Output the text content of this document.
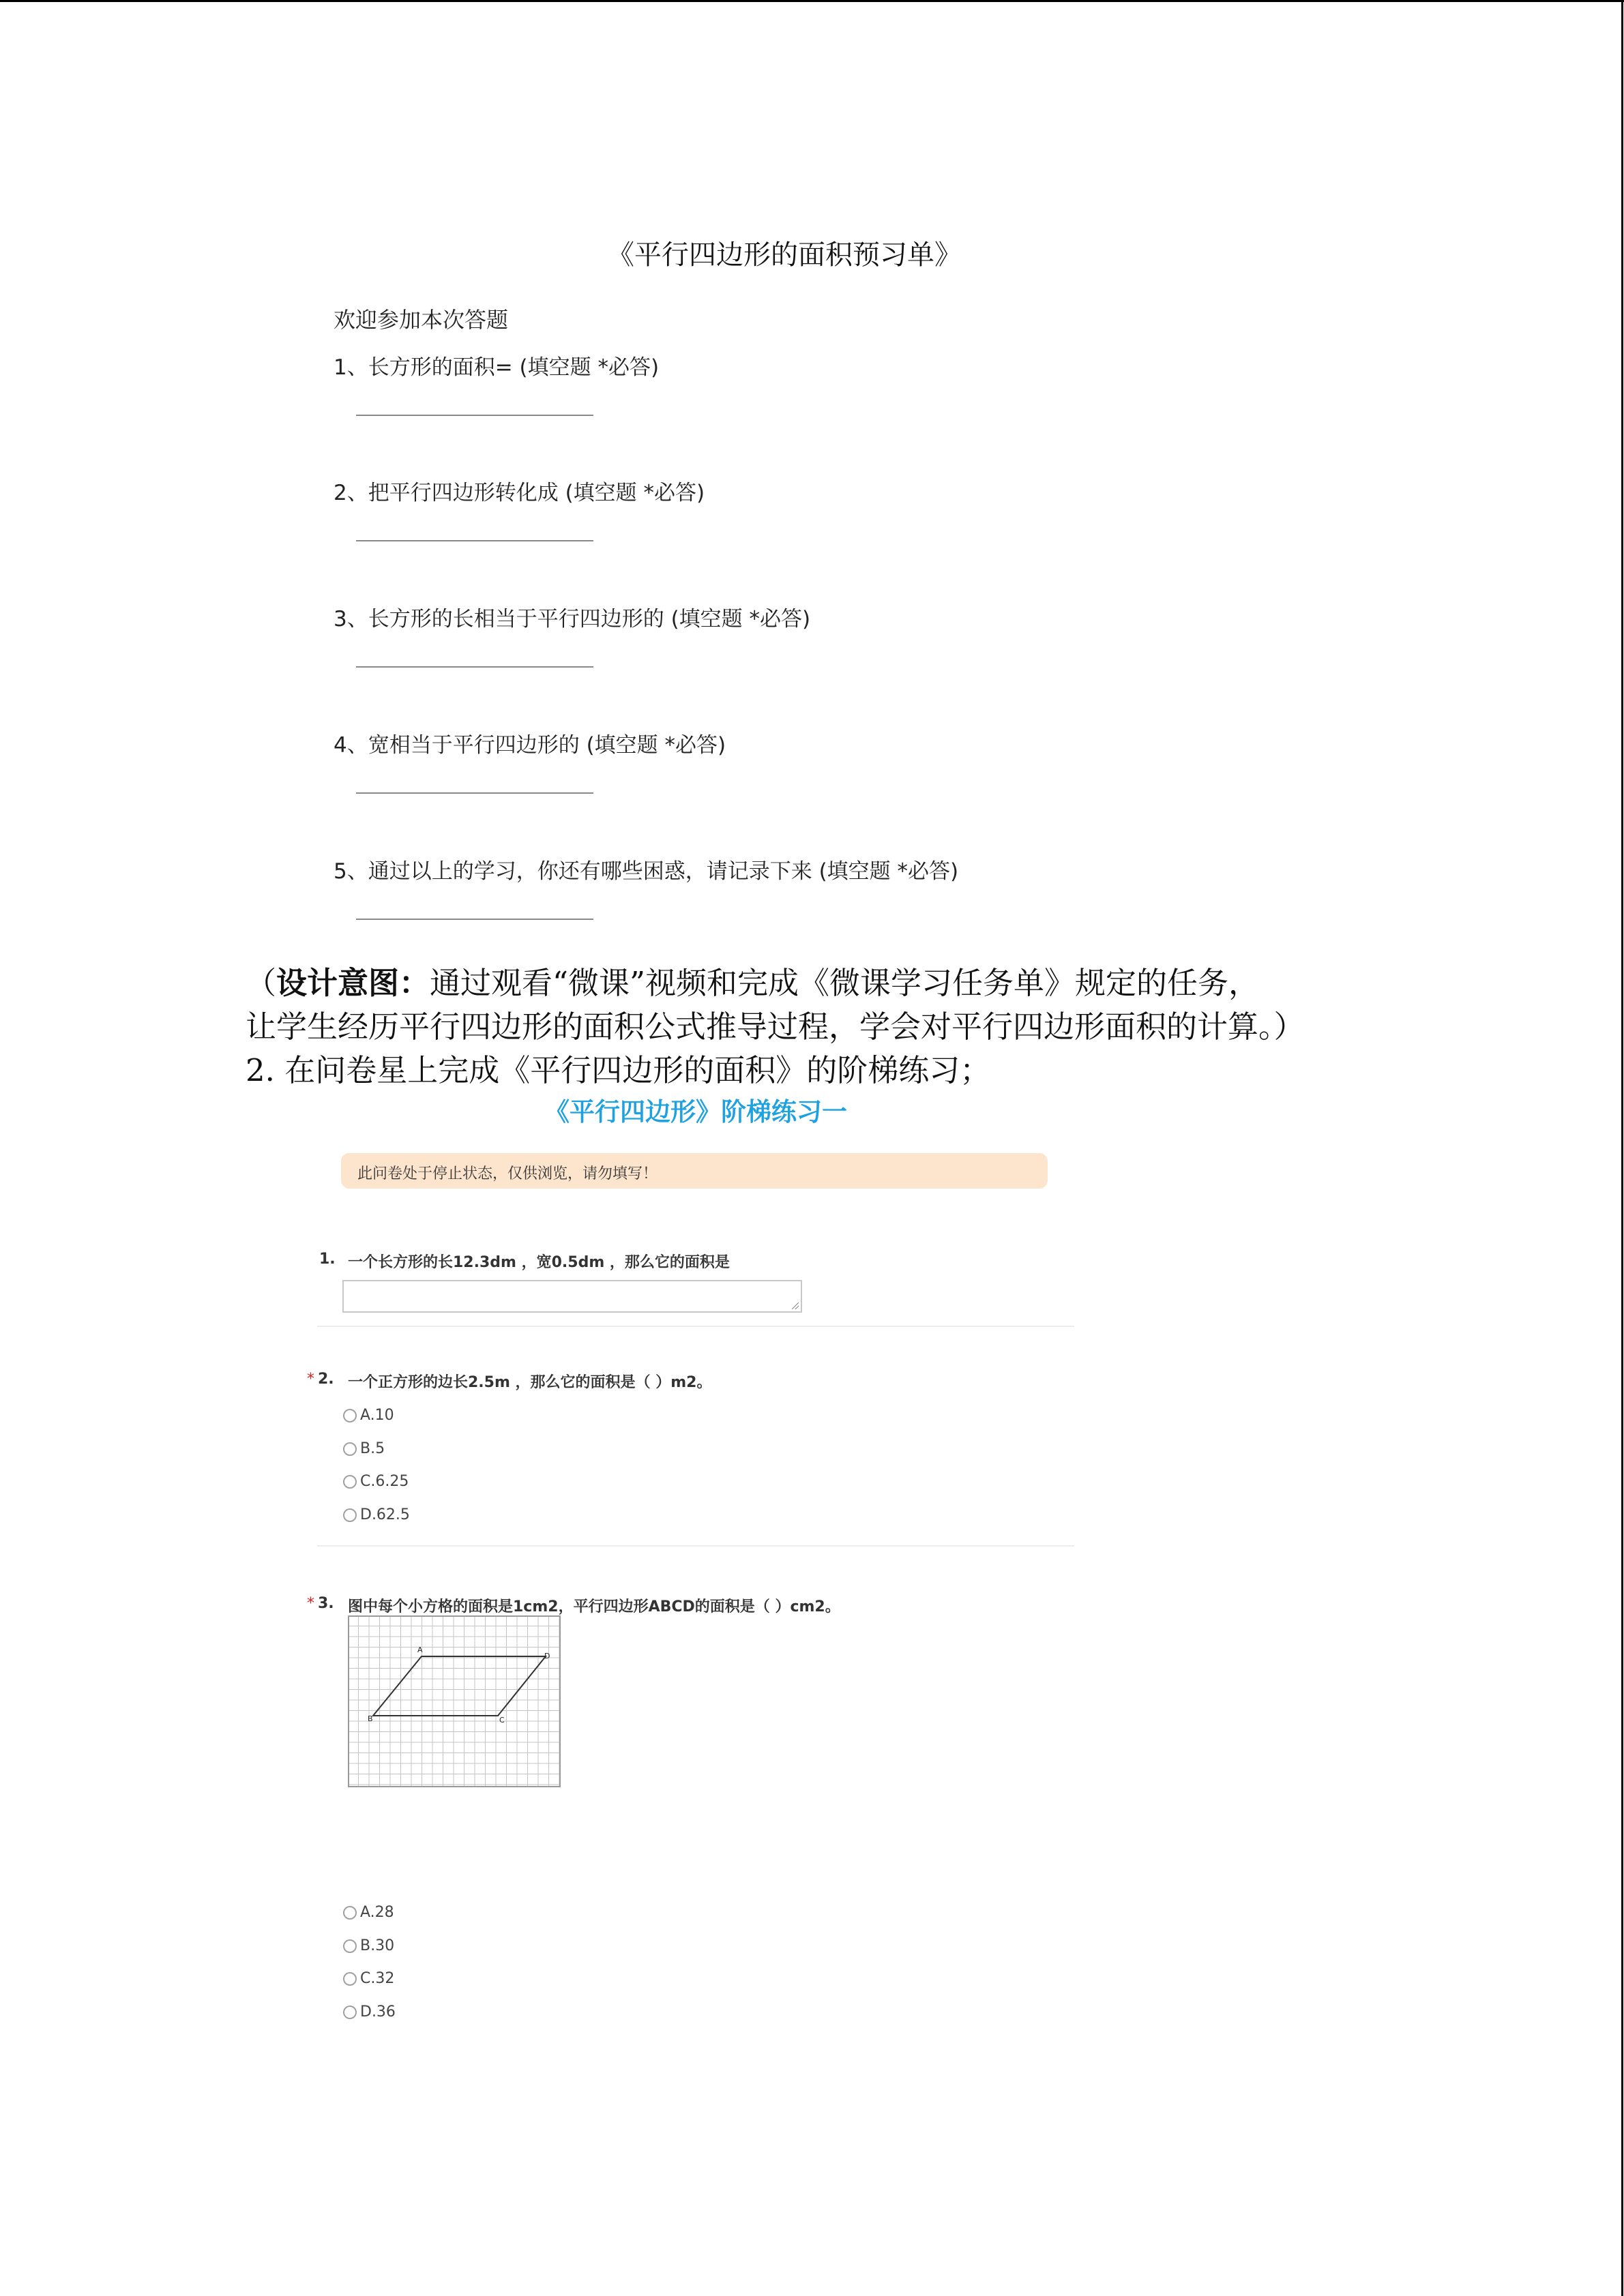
《平行四边形的面积预习单》
欢迎参加本次答题
1、长方形的面积= (填空题 *必答)
2、把平行四边形转化成 (填空题 *必答)
3、长方形的长相当于平行四边形的 (填空题 *必答)
4、宽相当于平行四边形的 (填空题 *必答)
5、通过以上的学习，你还有哪些困惑，请记录下来 (填空题 *必答)
（设计意图：通过观看“微课”视频和完成《微课学习任务单》规定的任务，
让学生经历平行四边形的面积公式推导过程，学会对平行四边形面积的计算。）
2. 在问卷星上完成《平行四边形的面积》的阶梯练习；
《平行四边形》阶梯练习一
此问卷处于停止状态，仅供浏览，请勿填写！
1. 一个长方形的长12.3dm ，宽0.5dm ，那么它的面积是
* 2. 一个正方形的边长2.5m ，那么它的面积是（ ）m2。
A.10
B.5
C.6.25
D.62.5
* 3. 图中每个小方格的面积是1cm2，平行四边形ABCD的面积是（ ）cm2。
A
D
B	C
A.28
B.30
C.32
D.36
